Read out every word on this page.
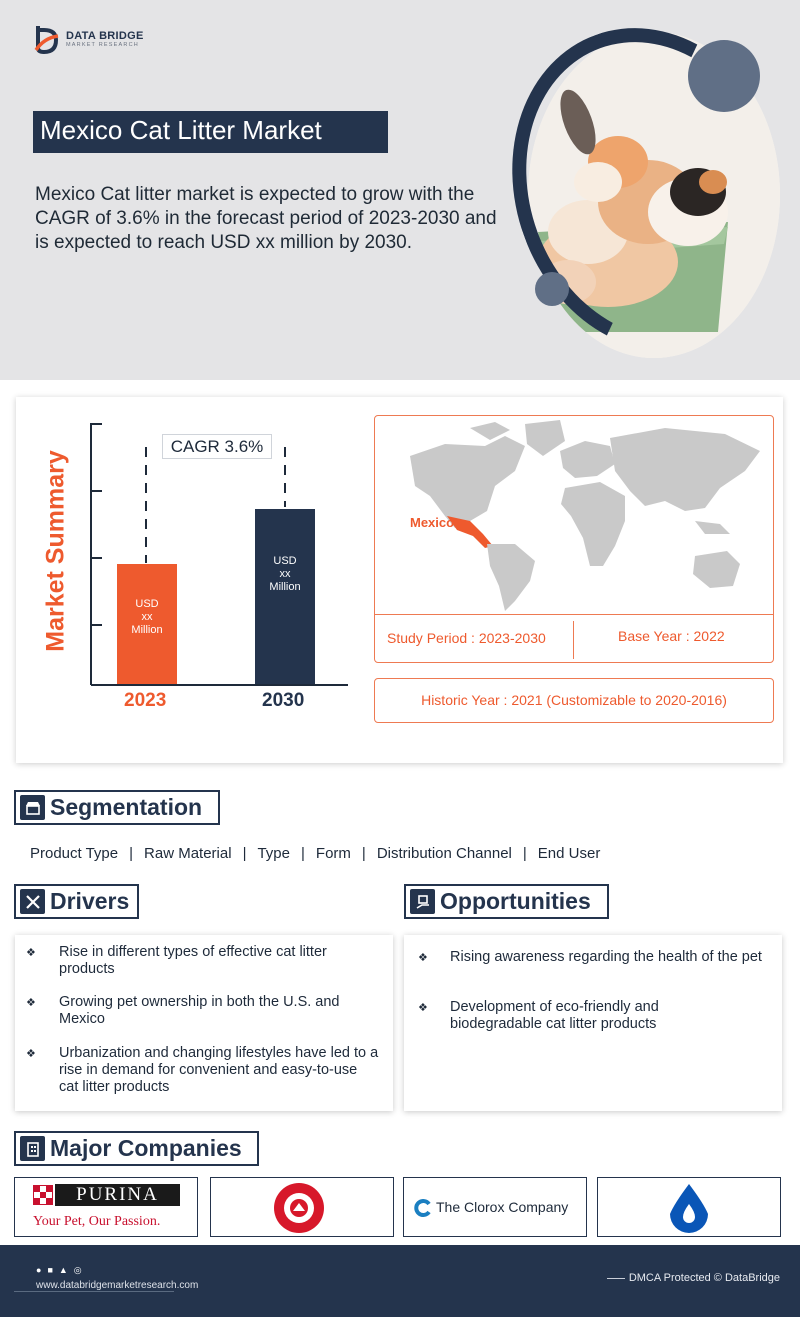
DATA BRIDGE
MARKET RESEARCH
Mexico Cat Litter Market
Mexico Cat litter market is expected to grow with the CAGR of 3.6% in the forecast period of 2023-2030 and is expected to reach USD xx million by 2030.
Market Summary
CAGR 3.6%
USD
xx
Million
USD
xx
Million
2023	2030
Mexico
Study Period : 2023-2030	Base Year : 2022
Historic Year : 2021 (Customizable to 2020-2016)
Segmentation
Product Type | Raw Material | Type | Form | Distribution Channel | End User
Drivers
❖ Rise in different types of effective cat litter products
❖ Growing pet ownership in both the U.S. and Mexico
❖ Urbanization and changing lifestyles have led to a rise in demand for convenient and easy-to-use cat litter products
Opportunities
❖ Rising awareness regarding the health of the pet
❖ Development of eco-friendly and biodegradable cat litter products
Major Companies
PURINA
Your Pet, Our Passion.
The Clorox Company
● ■ ▲ ◎
www.databridgemarketresearch.com
DMCA Protected © DataBridge
